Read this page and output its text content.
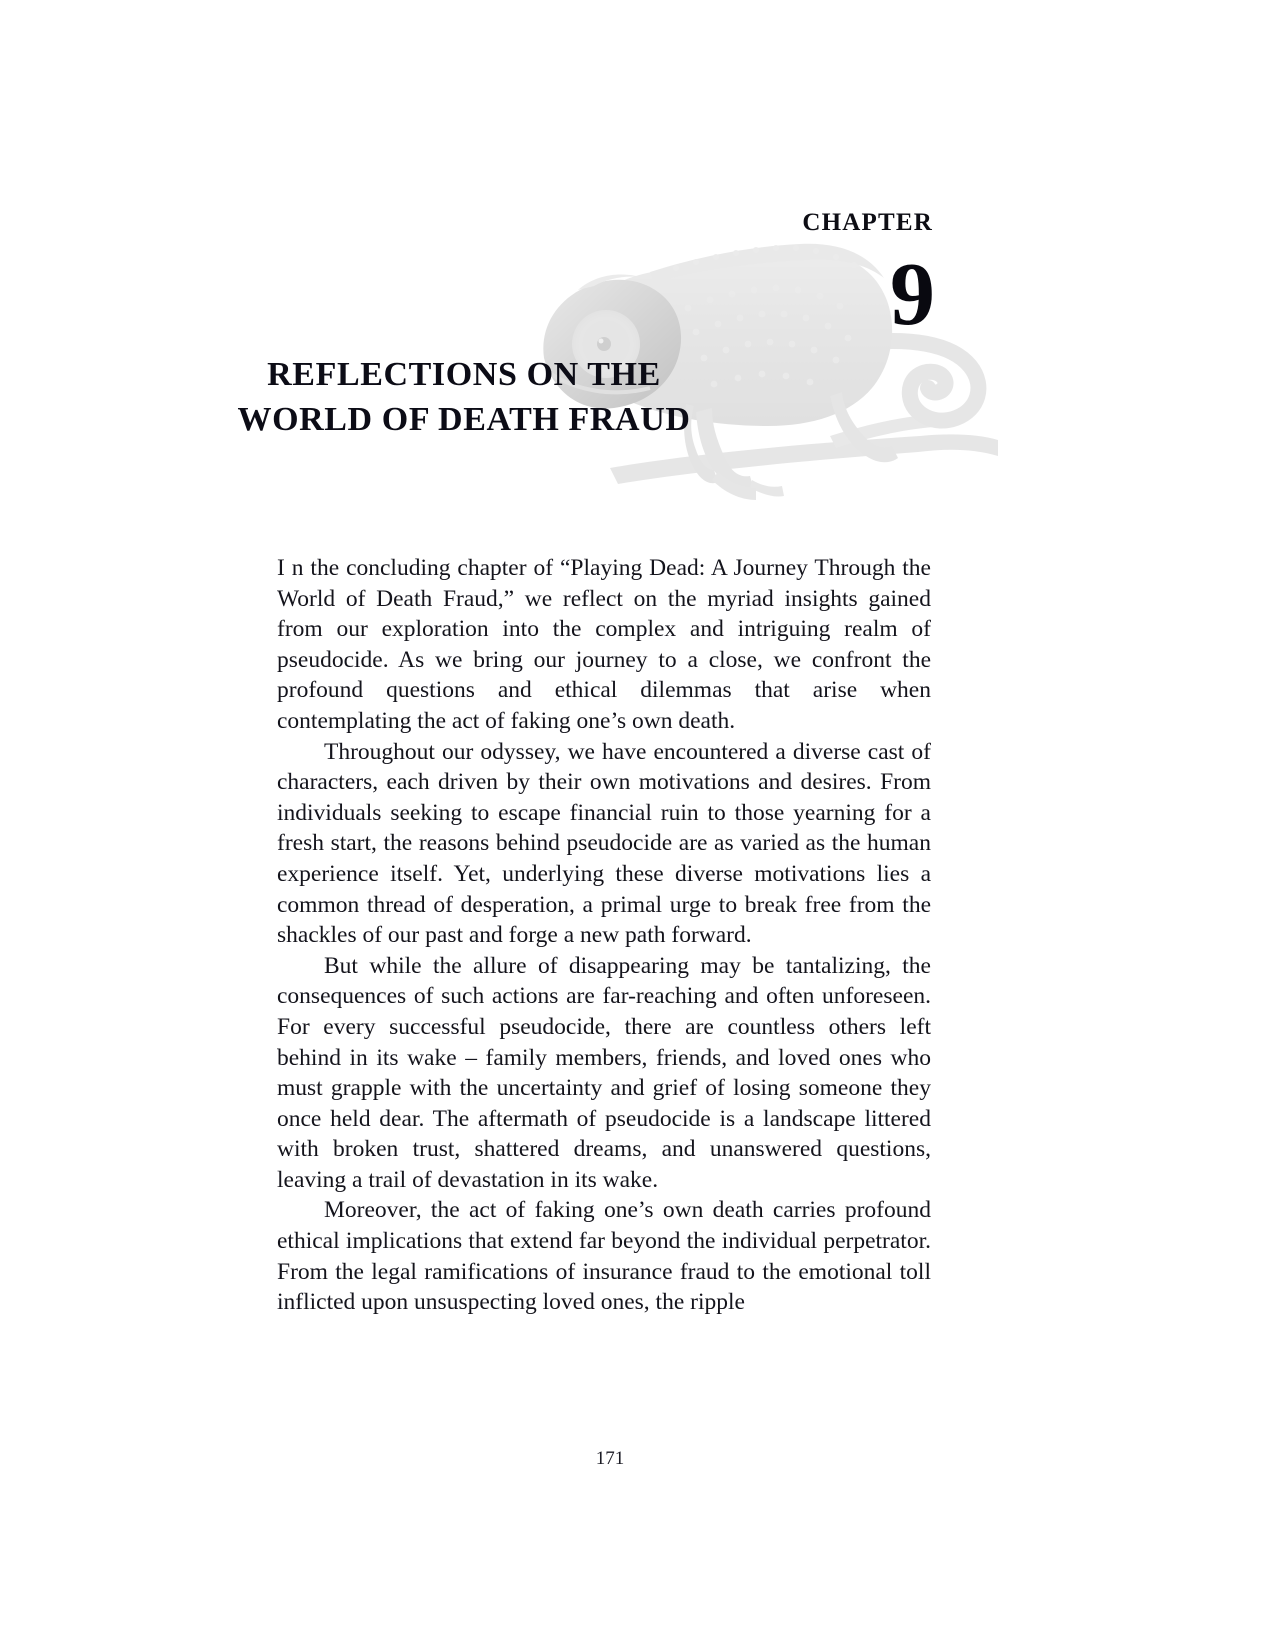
CHAPTER
9
REFLECTIONS ON THE
WORLD OF DEATH FRAUD

I n the concluding chapter of “Playing Dead: A Journey Through the World of Death Fraud,” we reflect on the myriad insights gained from our exploration into the complex and intriguing realm of pseudocide. As we bring our journey to a close, we confront the profound questions and ethical dilemmas that arise when contemplating the act of faking one’s own death.

Throughout our odyssey, we have encountered a diverse cast of characters, each driven by their own motivations and desires. From individuals seeking to escape financial ruin to those yearning for a fresh start, the reasons behind pseudocide are as varied as the human experience itself. Yet, underlying these diverse motivations lies a common thread of desperation, a primal urge to break free from the shackles of our past and forge a new path forward.

But while the allure of disappearing may be tantalizing, the consequences of such actions are far-reaching and often unforeseen. For every successful pseudocide, there are countless others left behind in its wake – family members, friends, and loved ones who must grapple with the uncertainty and grief of losing someone they once held dear. The aftermath of pseudocide is a landscape littered with broken trust, shattered dreams, and unanswered questions, leaving a trail of devastation in its wake.

Moreover, the act of faking one’s own death carries profound ethical implications that extend far beyond the individual perpetrator. From the legal ramifications of insurance fraud to the emotional toll inflicted upon unsuspecting loved ones, the ripple

171
